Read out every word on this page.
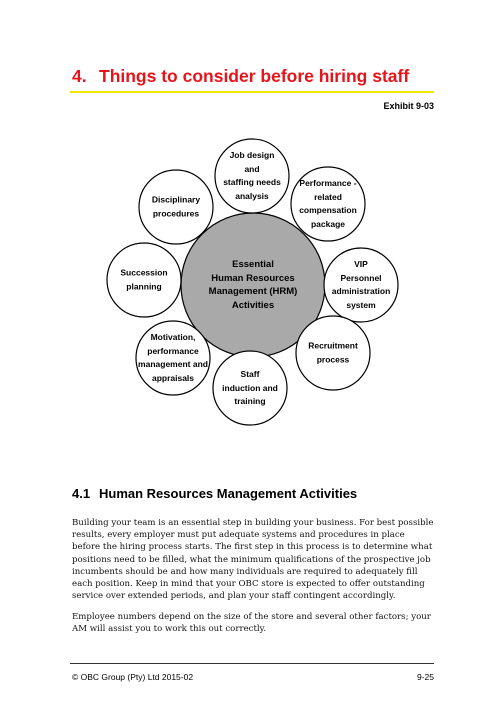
4. Things to consider before hiring staff
Exhibit 9-03
Essential
Human Resources
Management (HRM)
Activities
Job design
and
staffing needs
analysis
Performance -
related
compensation
package
VIP
Personnel
administration
system
Recruitment
process
Staff
induction and
training
Motivation,
performance
management and
appraisals
Succession
planning
Disciplinary
procedures
4.1 Human Resources Management Activities
Building your team is an essential step in building your business. For best possible results, every employer must put adequate systems and procedures in place before the hiring process starts. The first step in this process is to determine what positions need to be filled, what the minimum qualifications of the prospective job incumbents should be and how many individuals are required to adequately fill each position. Keep in mind that your OBC store is expected to offer outstanding service over extended periods, and plan your staff contingent accordingly.
Employee numbers depend on the size of the store and several other factors; your AM will assist you to work this out correctly.
© OBC Group (Pty) Ltd 2015-02	9-25
